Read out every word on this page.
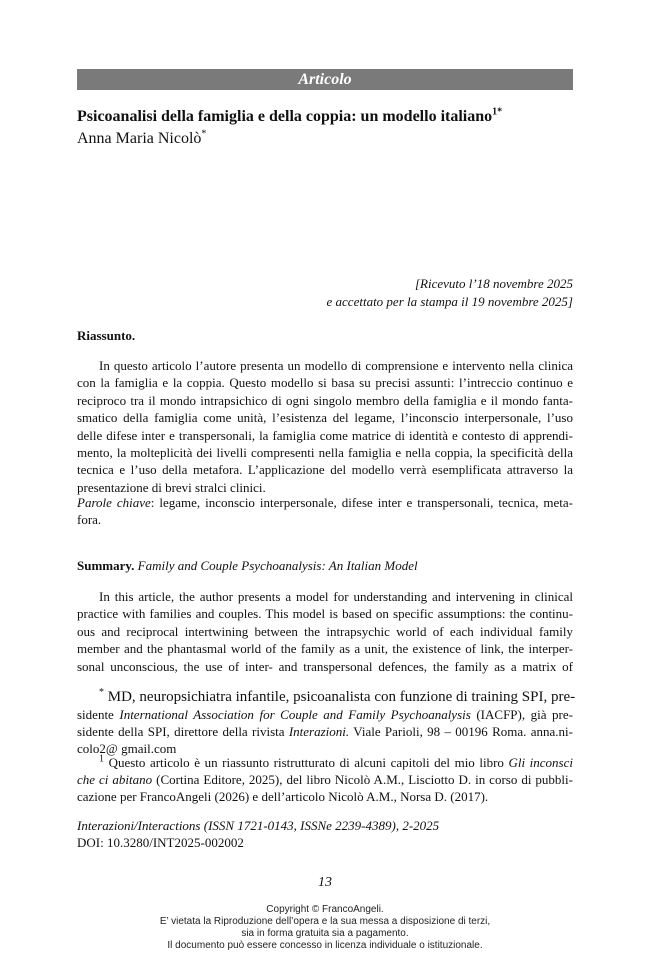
Articolo
Psicoanalisi della famiglia e della coppia: un modello italiano$^{1*}$
Anna Maria Nicolò*
[Ricevuto l’18 novembre 2025
e accettato per la stampa il 19 novembre 2025]
Riassunto.
In questo articolo l’autore presenta un modello di comprensione e intervento nella clinica
con la famiglia e la coppia. Questo modello si basa su precisi assunti: l’intreccio continuo e
reciproco tra il mondo intrapsichico di ogni singolo membro della famiglia e il mondo fanta-
smatico della famiglia come unità, l’esistenza del legame, l’inconscio interpersonale, l’uso
delle difese inter e transpersonali, la famiglia come matrice di identità e contesto di apprendi-
mento, la molteplicità dei livelli compresenti nella famiglia e nella coppia, la specificità della
tecnica e l’uso della metafora. L’applicazione del modello verrà esemplificata attraverso la
presentazione di brevi stralci clinici.
Parole chiave: legame, inconscio interpersonale, difese inter e transpersonali, tecnica, meta-
fora.
Summary. Family and Couple Psychoanalysis: An Italian Model
In this article, the author presents a model for understanding and intervening in clinical
practice with families and couples. This model is based on specific assumptions: the continu-
ous and reciprocal intertwining between the intrapsychic world of each individual family
member and the phantasmal world of the family as a unit, the existence of link, the interper-
sonal unconscious, the use of inter- and transpersonal defences, the family as a matrix of
* MD, neuropsichiatra infantile, psicoanalista con funzione di training SPI, pre-
sidente International Association for Couple and Family Psychoanalysis (IACFP), già pre-
sidente della SPI, direttore della rivista Interazioni. Viale Parioli, 98 – 00196 Roma. anna.ni-
colo2@ gmail.com
$^1$ Questo articolo è un riassunto ristrutturato di alcuni capitoli del mio libro Gli inconsci
che ci abitano (Cortina Editore, 2025), del libro Nicolò A.M., Lisciotto D. in corso di pubbli-
cazione per FrancoAngeli (2026) e dell’articolo Nicolò A.M., Norsa D. (2017).
Interazioni/Interactions (ISSN 1721-0143, ISSNe 2239-4389), 2-2025
DOI: 10.3280/INT2025-002002
13
Copyright © FrancoAngeli.
E’ vietata la Riproduzione dell’opera e la sua messa a disposizione di terzi,
sia in forma gratuita sia a pagamento.
Il documento può essere concesso in licenza individuale o istituzionale.
